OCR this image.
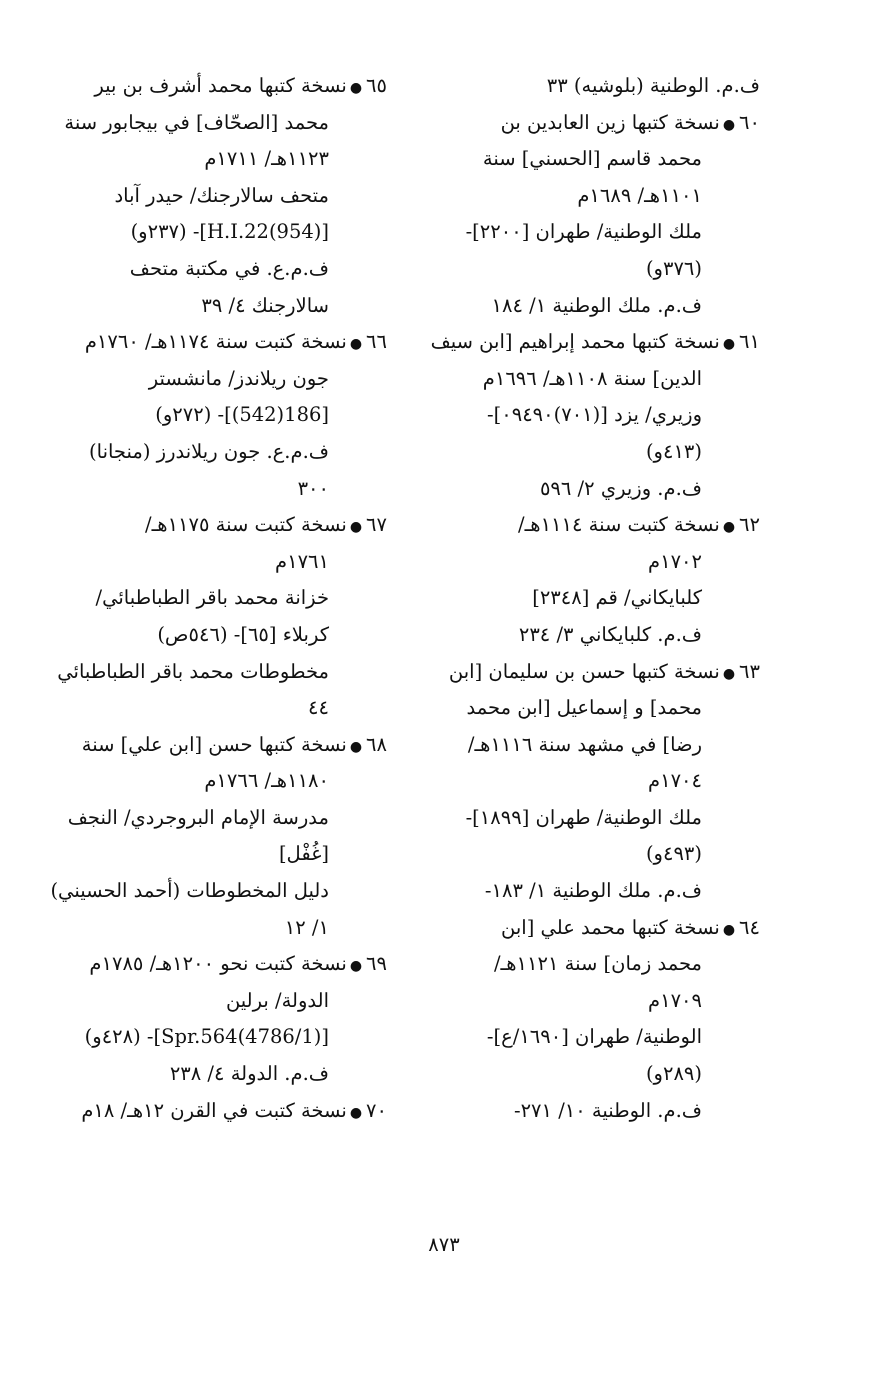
ف.م. الوطنية (بلوشيه) ٣٣
٦٠●نسخة كتبها زين العابدين بن
محمد قاسم [الحسني] سنة
١١٠١هـ/ ١٦٨٩م
ملك الوطنية/ طهران [٢٢٠٠]-
(٣٧٦و)
ف.م. ملك الوطنية ١/ ١٨٤
٦١●نسخة كتبها محمد إبراهيم [ابن سيف
الدين] سنة ١١٠٨هـ/ ١٦٩٦م
وزيري/ يزد [(٧٠١)٠٩٤٩٠]-
(٤١٣و)
ف.م. وزيري ٢/ ٥٩٦
٦٢●نسخة كتبت سنة ١١١٤هـ/
١٧٠٢م
كلبايكاني/ قم [٢٣٤٨]
ف.م. كلبايكاني ٣/ ٢٣٤
٦٣●نسخة كتبها حسن بن سليمان [ابن
محمد] و إسماعيل [ابن محمد
رضا] في مشهد سنة ١١١٦هـ/
١٧٠٤م
ملك الوطنية/ طهران [١٨٩٩]-
(٤٩٣و)
ف.م. ملك الوطنية ١/ ١٨٣-
٦٤●نسخة كتبها محمد علي [ابن
محمد زمان] سنة ١١٢١هـ/
١٧٠٩م
الوطنية/ طهران [١٦٩٠/ع]-
(٢٨٩و)
ف.م. الوطنية ١٠/ ٢٧١-
٦٥●نسخة كتبها محمد أشرف بن بير
محمد [الصحّاف] في بيجابور سنة
١١٢٣هـ/ ١٧١١م
متحف سالارجنك/ حيدر آباد
[H.I.22(954)]- (٢٣٧و)
ف.م.ع. في مكتبة متحف
سالارجنك ٤/ ٣٩
٦٦●نسخة كتبت سنة ١١٧٤هـ/ ١٧٦٠م
جون ريلاندز/ مانشستر
[186(542)]- (٢٧٢و)
ف.م.ع. جون ريلاندرز (منجانا)
٣٠٠
٦٧●نسخة كتبت سنة ١١٧٥هـ/
١٧٦١م
خزانة محمد باقر الطباطبائي/
كربلاء [٦٥]- (٥٤٦ص)
مخطوطات محمد باقر الطباطبائي
٤٤
٦٨●نسخة كتبها حسن [ابن علي] سنة
١١٨٠هـ/ ١٧٦٦م
مدرسة الإمام البروجردي/ النجف
[غُفْل]
دليل المخطوطات (أحمد الحسيني)
١/ ١٢
٦٩●نسخة كتبت نحو ١٢٠٠هـ/ ١٧٨٥م
الدولة/ برلين
[Spr.564(4786/1)]- (٤٢٨و)
ف.م. الدولة ٤/ ٢٣٨
٧٠●نسخة كتبت في القرن ١٢هـ/ ١٨م
٨٧٣
